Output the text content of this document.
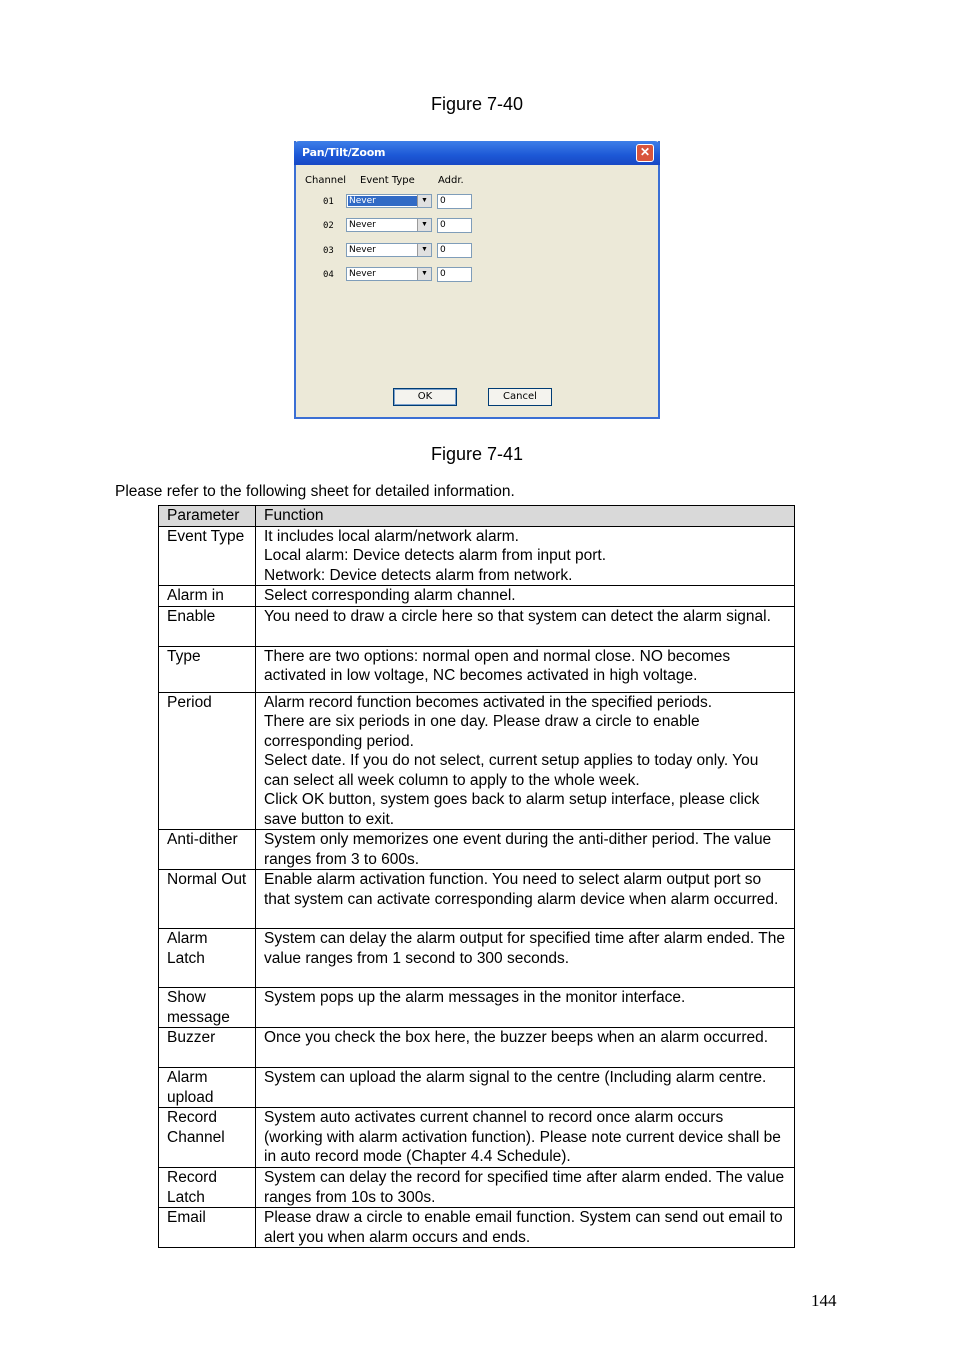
Figure 7-40
Pan/Tilt/Zoom	✕
Channel Event Type Addr.
01 Never	▼	0
02 Never	▼	0
03 Never	▼	0
04 Never	▼	0
OK	Cancel
Figure 7-41
Please refer to the following sheet for detailed information.
Parameter	Function
Event Type	It includes local alarm/network alarm.
Local alarm: Device detects alarm from input port.
Network: Device detects alarm from network.

Alarm in	Select corresponding alarm channel.

Enable	You need to draw a circle here so that system can detect the alarm signal.

Type	There are two options: normal open and normal close. NO becomes activated in low voltage, NC becomes activated in high voltage.

Period	Alarm record function becomes activated in the specified periods.
There are six periods in one day. Please draw a circle to enable corresponding period.
Select date. If you do not select, current setup applies to today only. You can select all week column to apply to the whole week.
Click OK button, system goes back to alarm setup interface, please click save button to exit.

Anti-dither	System only memorizes one event during the anti-dither period. The value ranges from 3 to 600s.

Normal Out	Enable alarm activation function. You need to select alarm output port so that system can activate corresponding alarm device when alarm occurred.

Alarm Latch	System can delay the alarm output for specified time after alarm ended. The value ranges from 1 second to 300 seconds.

Show message	System pops up the alarm messages in the monitor interface.

Buzzer	Once you check the box here, the buzzer beeps when an alarm occurred.

Alarm upload	System can upload the alarm signal to the centre (Including alarm centre.

Record Channel	System auto activates current channel to record once alarm occurs (working with alarm activation function). Please note current device shall be in auto record mode (Chapter 4.4 Schedule).

Record Latch	System can delay the record for specified time after alarm ended. The value ranges from 10s to 300s.

Email	Please draw a circle to enable email function. System can send out email to alert you when alarm occurs and ends.
144
